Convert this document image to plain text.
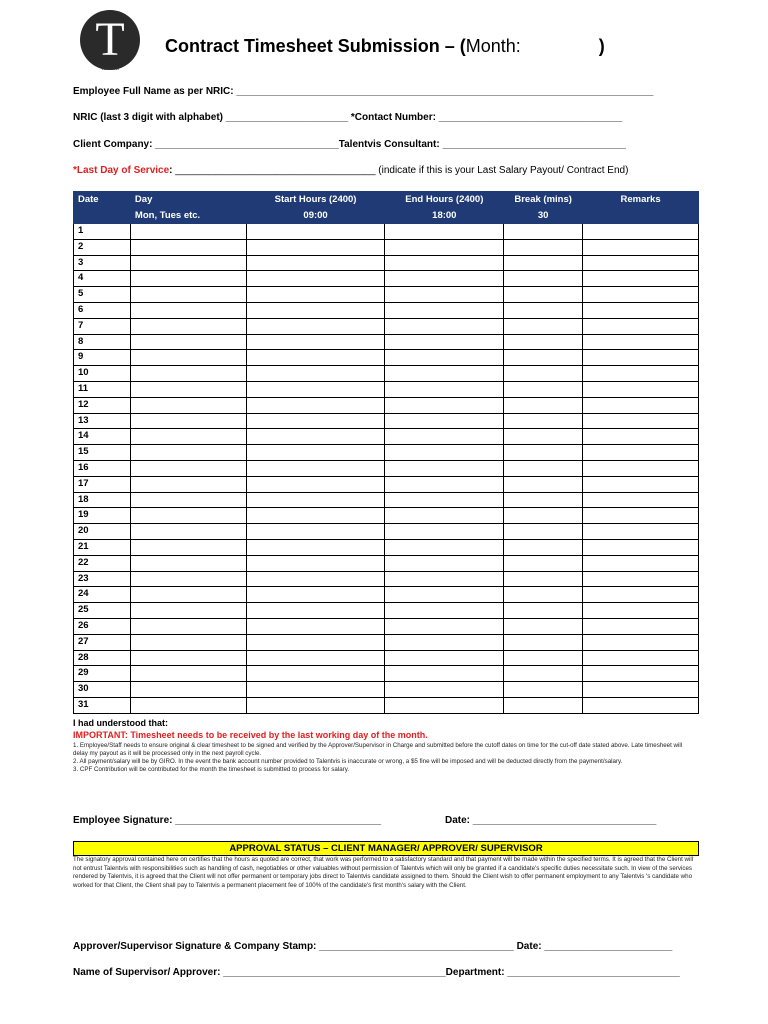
T
Talentvis
Contract Timesheet Submission – (Month:	)
Employee Full Name as per NRIC: ___________________________________________________________________________
NRIC (last 3 digit with alphabet) ______________________ *Contact Number: _________________________________
Client Company: _________________________________Talentvis Consultant: _________________________________
*Last Day of Service: ____________________________________ (indicate if this is your Last Salary Payout/ Contract End)
Date	Day	Start Hours (2400)	End Hours (2400)	Break (mins)	Remarks
	Mon, Tues etc.	09:00	18:00	30	
1					
2					
3					
4					
5					
6					
7					
8					
9					
10					
11					
12					
13					
14					
15					
16					
17					
18					
19					
20					
21					
22					
23					
24					
25					
26					
27					
28					
29					
30					
31					
I had understood that:
IMPORTANT: Timesheet needs to be received by the last working day of the month.
1. Employee/Staff needs to ensure original & clear timesheet to be signed and verified by the Approver/Supervisor in Charge and submitted before the cutoff dates on time for the cut-off date stated above. Late timesheet will delay my payout as it will be processed only in the next payroll cycle.
2. All payment/salary will be by GIRO. In the event the bank account number provided to Talentvis is inaccurate or wrong, a $5 fine will be imposed and will be deducted directly from the payment/salary.
3. CPF Contribution will be contributed for the month the timesheet is submitted to process for salary.
Employee Signature: _____________________________________	Date: _________________________________
APPROVAL STATUS – CLIENT MANAGER/ APPROVER/ SUPERVISOR
The signatory approval contained here on certifies that the hours as quoted are correct, that work was performed to a satisfactory standard and that payment will be made within the specified terms. It is agreed that the Client will not entrust Talentvis with responsibilities such as handling of cash, negotiables or other valuables without permission of Talentvis which will only be granted if a candidate's specific duties necessitate such. In view of the services rendered by Talentvis, it is agreed that the Client will not offer permanent or temporary jobs direct to Talentvis candidate assigned to them. Should the Client wish to offer permanent employment to any Talentvis 's candidate who worked for that Client, the Client shall pay to Talentvis a permanent placement fee of 100% of the candidate's first month's salary with the Client.
Approver/Supervisor Signature & Company Stamp: ___________________________________ Date: _______________________
Name of Supervisor/ Approver: ________________________________________Department: _______________________________
